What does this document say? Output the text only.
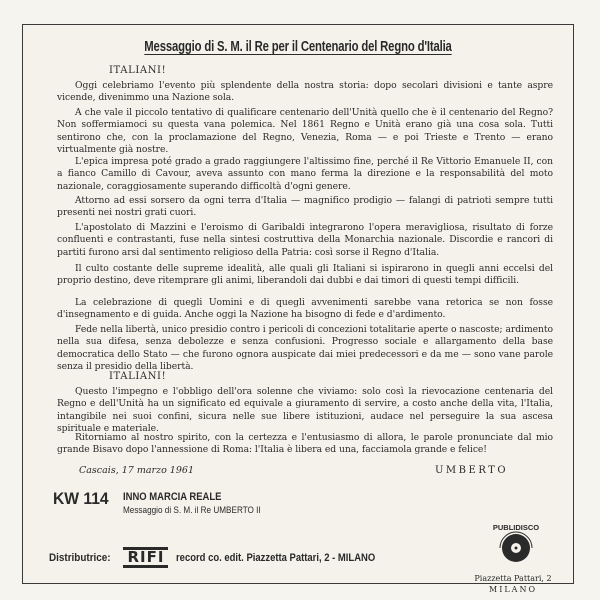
Messaggio di S. M. il Re per il Centenario del Regno d'Italia
ITALIANI!
Oggi celebriamo l'evento più splendente della nostra storia: dopo secolari divisioni e tante aspre vicende, divenimmo una Nazione sola.
A che vale il piccolo tentativo di qualificare centenario dell'Unità quello che è il centenario del Regno? Non soffermiamoci su questa vana polemica. Nel 1861 Regno e Unità erano già una cosa sola. Tutti sentirono che, con la proclamazione del Regno, Venezia, Roma — e poi Trieste e Trento — erano virtualmente già nostre.
L'epica impresa poté grado a grado raggiungere l'altissimo fine, perché il Re Vittorio Emanuele II, con a fianco Camillo di Cavour, aveva assunto con mano ferma la direzione e la responsabilità del moto nazionale, coraggiosamente superando difficoltà d'ogni genere.
Attorno ad essi sorsero da ogni terra d'Italia — magnifico prodigio — falangi di patrioti sempre tutti presenti nei nostri grati cuori.
L'apostolato di Mazzini e l'eroismo di Garibaldi integrarono l'opera meravigliosa, risultato di forze confluenti e contrastanti, fuse nella sintesi costruttiva della Monarchia nazionale. Discordie e rancori di partiti furono arsi dal sentimento religioso della Patria: così sorse il Regno d'Italia.
Il culto costante delle supreme idealità, alle quali gli Italiani si ispirarono in quegli anni eccelsi del proprio destino, deve ritemprare gli animi, liberandoli dai dubbi e dai timori di questi tempi difficili.
La celebrazione di quegli Uomini e di quegli avvenimenti sarebbe vana retorica se non fosse d'insegnamento e di guida. Anche oggi la Nazione ha bisogno di fede e d'ardimento.
Fede nella libertà, unico presidio contro i pericoli di concezioni totalitarie aperte o nascoste; ardimento nella sua difesa, senza debolezze e senza confusioni. Progresso sociale e allargamento della base democratica dello Stato — che furono ognora auspicate dai miei predecessori e da me — sono vane parole senza il presidio della libertà.
ITALIANI!
Questo l'impegno e l'obbligo dell'ora solenne che viviamo: solo così la rievocazione centenaria del Regno e dell'Unità ha un significato ed equivale a giuramento di servire, a costo anche della vita, l'Italia, intangibile nei suoi confini, sicura nelle sue libere istituzioni, audace nel perseguire la sua ascesa spirituale e materiale.
Ritorniamo al nostro spirito, con la certezza e l'entusiasmo di allora, le parole pronunciate dal mio grande Bisavo dopo l'annessione di Roma: l'Italia è libera ed una, facciamola grande e felice!
Cascais, 17 marzo 1961	UMBERTO
KW 114 INNO MARCIA REALE
Messaggio di S. M. il Re UMBERTO II
Distributrice: RIFI	record co. edit. Piazzetta Pattari, 2 - MILANO
PUBLIDISCO
Piazzetta Pattari, 2
MILANO
